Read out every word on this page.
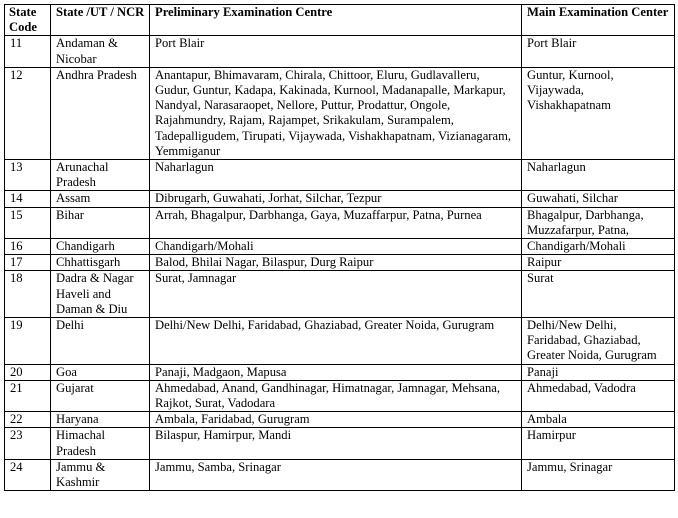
State Code	State /UT / NCR	Preliminary Examination Centre	Main Examination Center
11	Andaman & Nicobar	Port Blair	Port Blair
12	Andhra Pradesh	Anantapur, Bhimavaram, Chirala, Chittoor, Eluru, Gudlavalleru, Gudur, Guntur, Kadapa, Kakinada, Kurnool, Madanapalle, Markapur, Nandyal, Narasaraopet, Nellore, Puttur, Prodattur, Ongole, Rajahmundry, Rajam, Rajampet, Srikakulam, Surampalem, Tadepalligudem, Tirupati, Vijaywada, Vishakhapatnam, Vizianagaram, Yemmiganur	Guntur, Kurnool, Vijaywada, Vishakhapatnam
13	Arunachal Pradesh	Naharlagun	Naharlagun
14	Assam	Dibrugarh, Guwahati, Jorhat, Silchar, Tezpur	Guwahati, Silchar
15	Bihar	Arrah, Bhagalpur, Darbhanga, Gaya, Muzaffarpur, Patna, Purnea	Bhagalpur, Darbhanga, Muzzafarpur, Patna,
16	Chandigarh	Chandigarh/Mohali	Chandigarh/Mohali
17	Chhattisgarh	Balod, Bhilai Nagar, Bilaspur, Durg Raipur	Raipur
18	Dadra & Nagar Haveli and Daman & Diu	Surat, Jamnagar	Surat
19	Delhi	Delhi/New Delhi, Faridabad, Ghaziabad, Greater Noida, Gurugram	Delhi/New Delhi, Faridabad, Ghaziabad, Greater Noida, Gurugram
20	Goa	Panaji, Madgaon, Mapusa	Panaji
21	Gujarat	Ahmedabad, Anand, Gandhinagar, Himatnagar, Jamnagar, Mehsana, Rajkot, Surat, Vadodara	Ahmedabad, Vadodra
22	Haryana	Ambala, Faridabad, Gurugram	Ambala
23	Himachal Pradesh	Bilaspur, Hamirpur, Mandi	Hamirpur
24	Jammu & Kashmir	Jammu, Samba, Srinagar	Jammu, Srinagar
